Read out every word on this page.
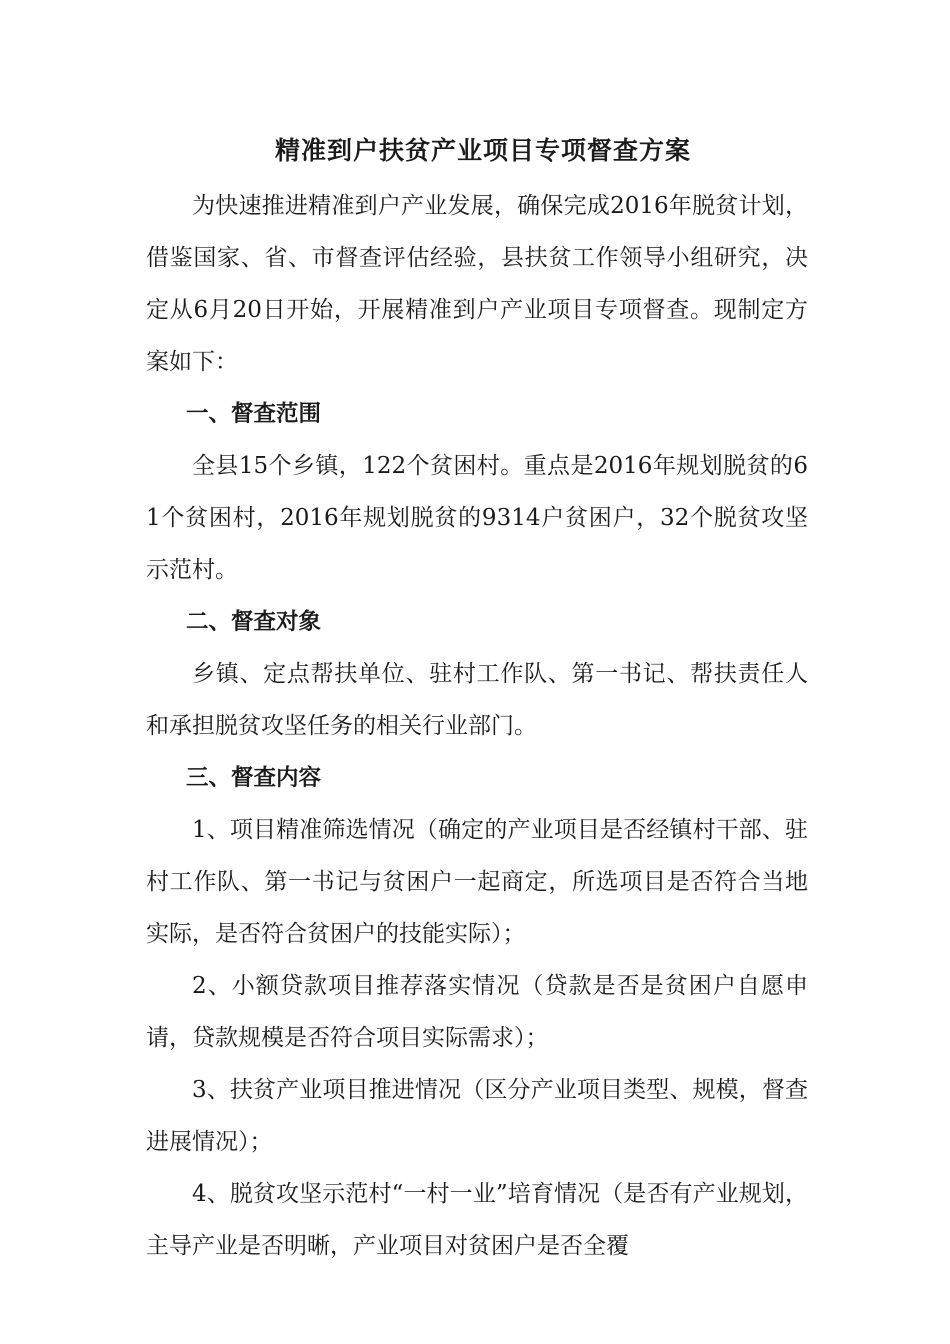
精准到户扶贫产业项目专项督查方案

为快速推进精准到户产业发展，确保完成2016年脱贫计划，借鉴国家、省、市督查评估经验，县扶贫工作领导小组研究，决定从6月20日开始，开展精准到户产业项目专项督查。现制定方案如下：

一、督查范围

全县15个乡镇，122个贫困村。重点是2016年规划脱贫的61个贫困村，2016年规划脱贫的9314户贫困户，32个脱贫攻坚示范村。

二、督查对象

乡镇、定点帮扶单位、驻村工作队、第一书记、帮扶责任人和承担脱贫攻坚任务的相关行业部门。

三、督查内容

1、项目精准筛选情况（确定的产业项目是否经镇村干部、驻村工作队、第一书记与贫困户一起商定，所选项目是否符合当地实际，是否符合贫困户的技能实际）；

2、小额贷款项目推荐落实情况（贷款是否是贫困户自愿申请，贷款规模是否符合项目实际需求）；

3、扶贫产业项目推进情况（区分产业项目类型、规模，督查进展情况）；

4、脱贫攻坚示范村“一村一业”培育情况（是否有产业规划，主导产业是否明晰，产业项目对贫困户是否全覆
